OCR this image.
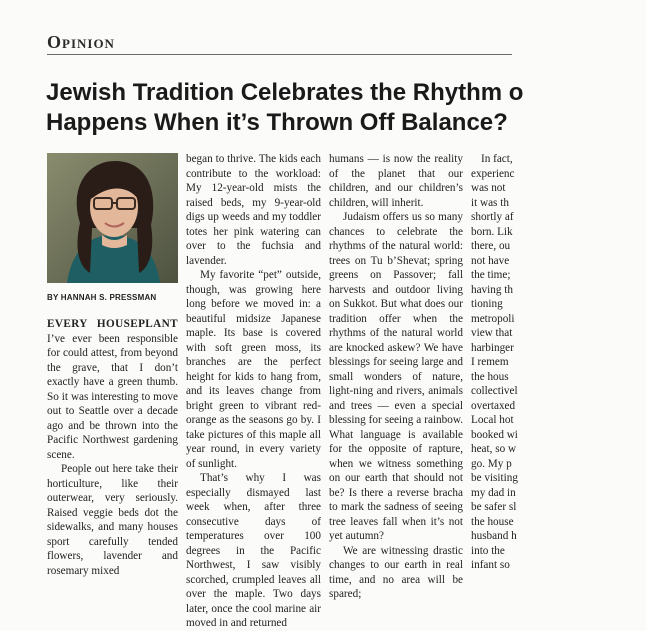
Opinion
Jewish Tradition Celebrates the Rhythm o
Happens When it’s Thrown Off Balance?
BY HANNAH S. PRESSMAN

EVERY HOUSEPLANT I’ve ever been responsible for could attest, from beyond the grave, that I don’t exactly have a green thumb. So it was interesting to move out to Seattle over a decade ago and be thrown into the Pacific Northwest gardening scene.

People out here take their horticulture, like their outerwear, very seriously. Raised veggie beds dot the sidewalks, and many houses sport carefully tended flowers, lavender and rosemary mixed

began to thrive. The kids each contribute to the workload: My 12-year-old mists the raised beds, my 9-year-old digs up weeds and my toddler totes her pink watering can over to the fuchsia and lavender.

My favorite “pet” outside, though, was growing here long before we moved in: a beautiful midsize Japanese maple. Its base is covered with soft green moss, its branches are the perfect height for kids to hang from, and its leaves change from bright green to vibrant red-orange as the seasons go by. I take pictures of this maple all year round, in every variety of sunlight.

That’s why I was especially dismayed last week when, after three consecutive days of temperatures over 100 degrees in the Pacific Northwest, I saw visibly scorched, crumpled leaves all over the maple. Two days later, once the cool marine air moved in and returned

humans — is now the reality of the planet that our children, and our children’s children, will inherit.

Judaism offers us so many chances to celebrate the rhythms of the natural world: trees on Tu b’Shevat; spring greens on Passover; fall harvests and outdoor living on Sukkot. But what does our tradition offer when the rhythms of the natural world are knocked askew? We have blessings for seeing large and small wonders of nature, light-ning and rivers, animals and trees — even a special blessing for seeing a rainbow. What language is available for the opposite of rapture, when we witness something on our earth that should not be? Is there a reverse bracha to mark the sadness of seeing tree leaves fall when it’s not yet autumn?

We are witnessing drastic changes to our earth in real time, and no area will be spared;

In fact,
experienc
was not
it was th
shortly af
born. Lik
there, ou
not have
the time;
having th
tioning
metropoli
view that
harbinger
I remem
the hous
collectivel
overtaxed
Local hot
booked wi
heat, so w
go. My p
be visiting
my dad in
be safer sl
the house
husband h
into the
infant so
